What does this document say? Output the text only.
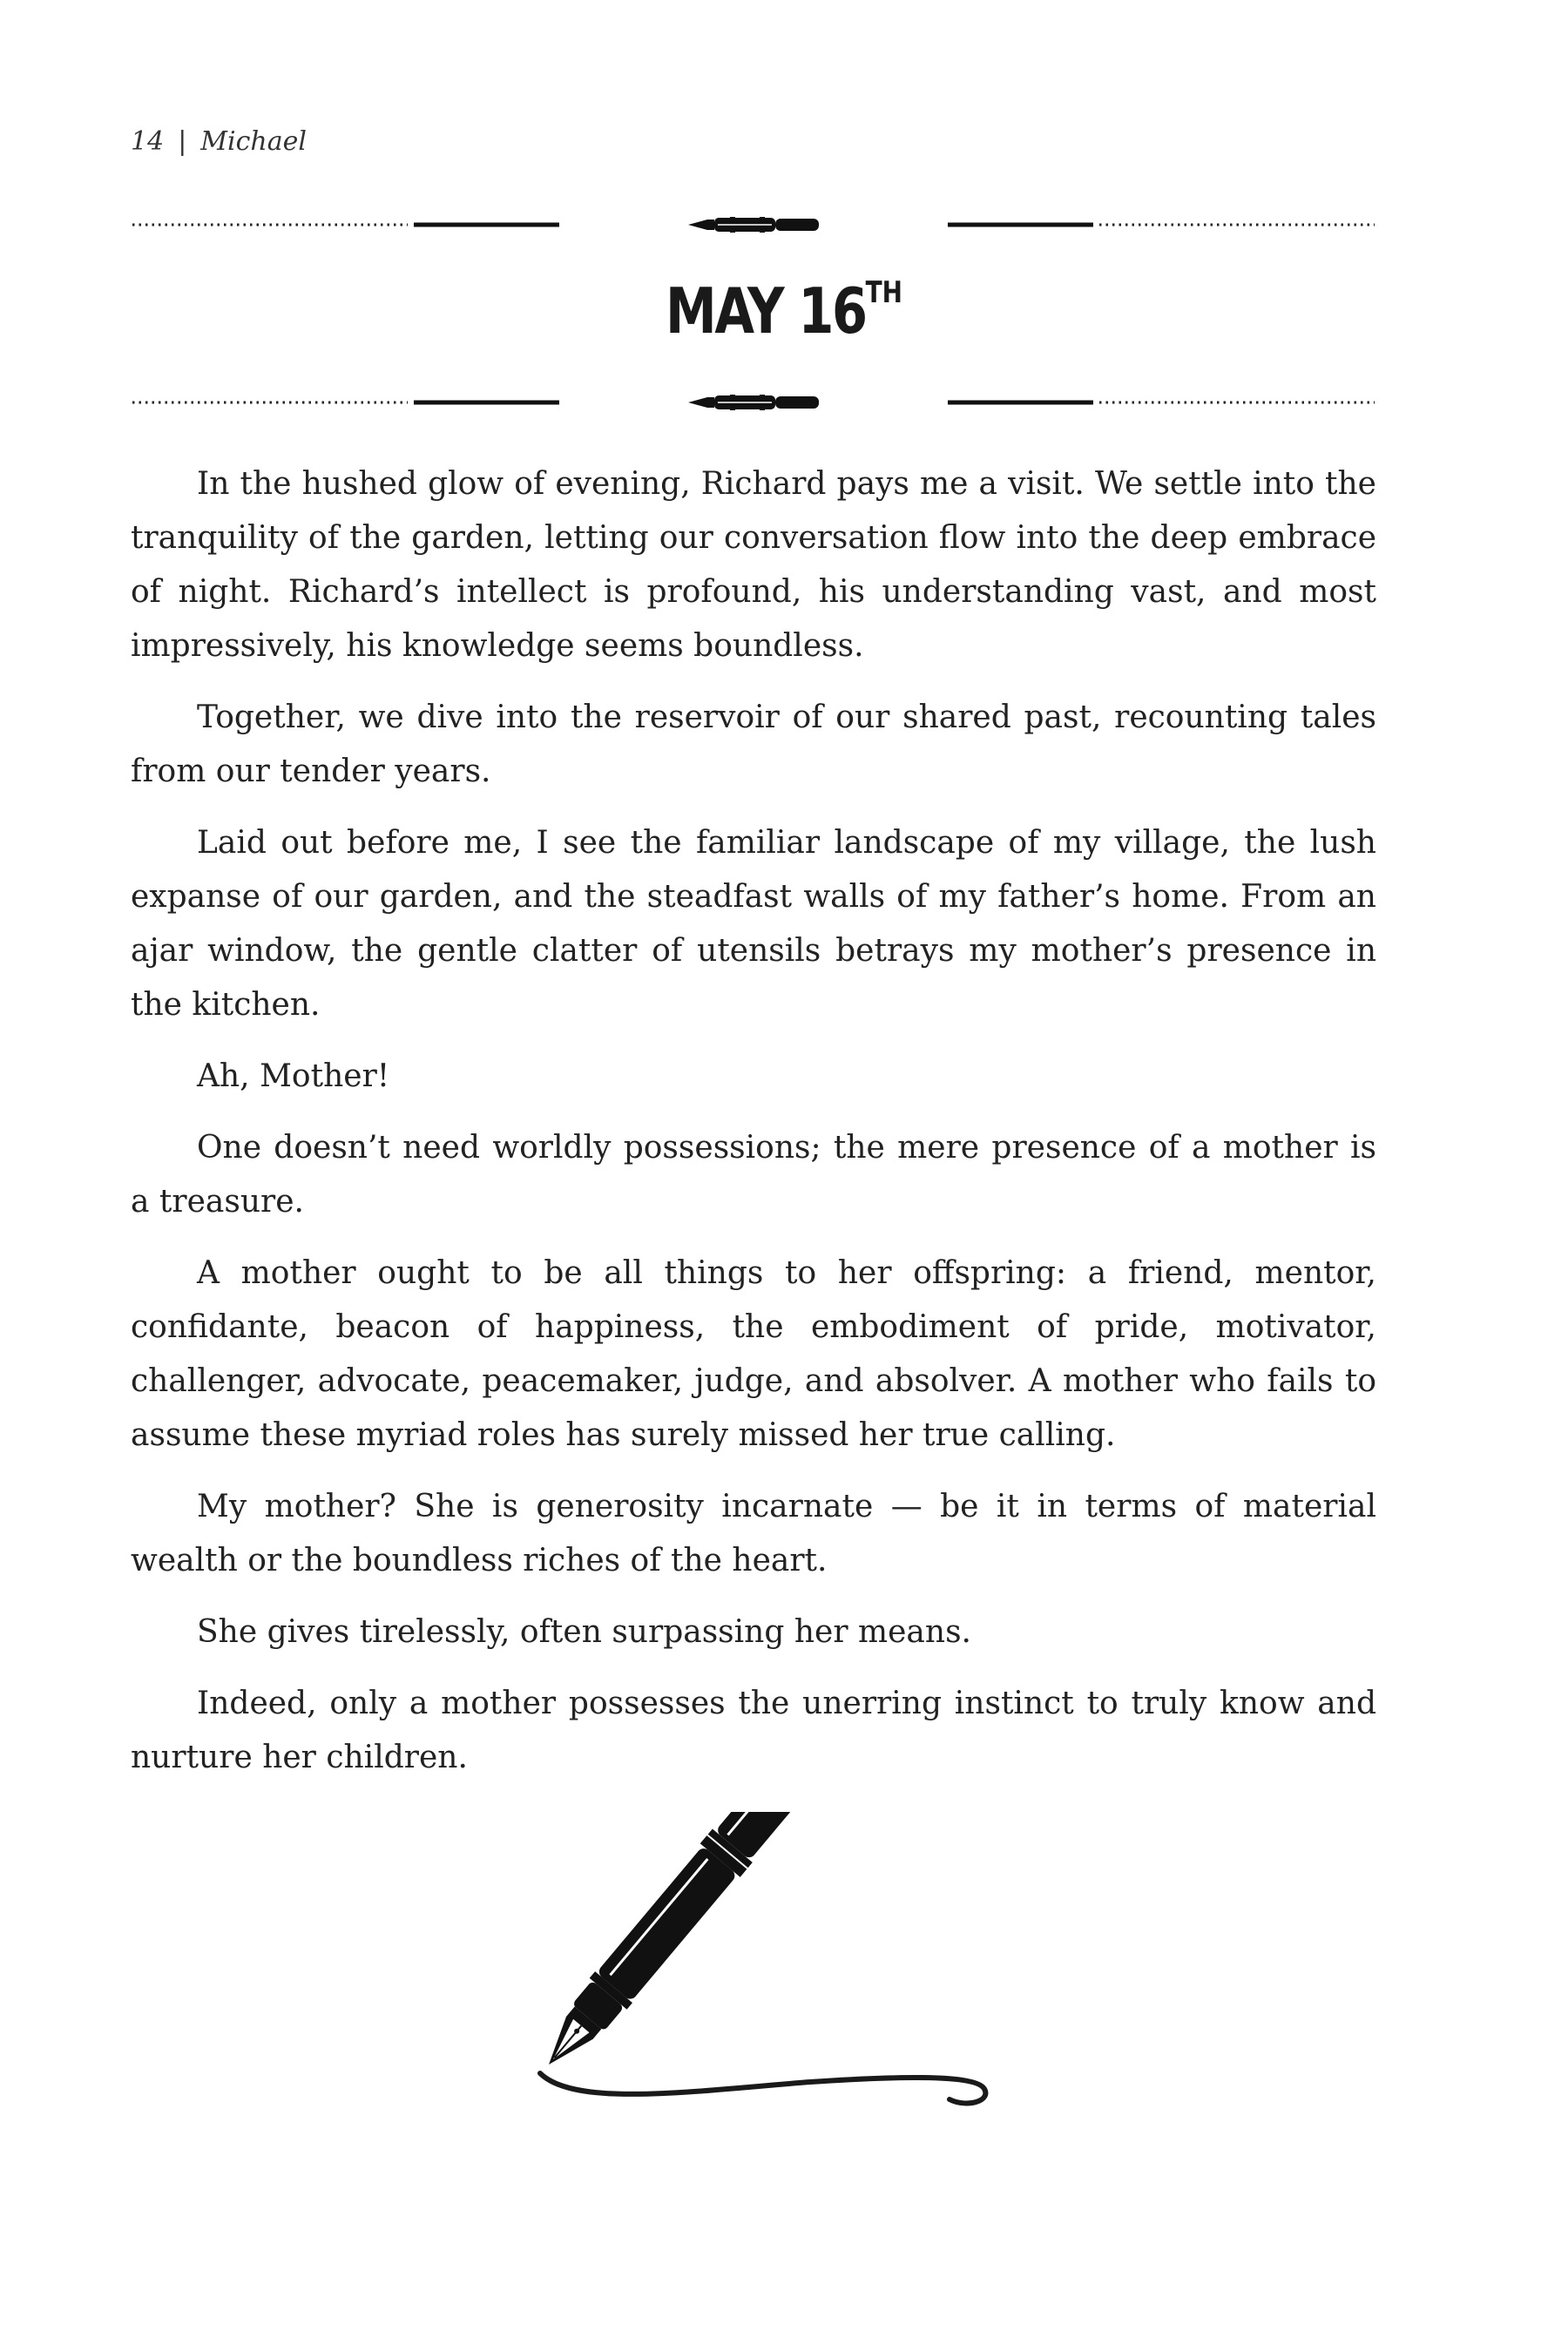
14 | Michael
MAY 16TH

In the hushed glow of evening, Richard pays me a visit. We settle into the tranquility of the garden, letting our conversation flow into the deep embrace of night. Richard’s intellect is profound, his understanding vast, and most impressively, his knowledge seems boundless.

Together, we dive into the reservoir of our shared past, recounting tales from our tender years.

Laid out before me, I see the familiar landscape of my village, the lush expanse of our garden, and the steadfast walls of my father’s home. From an ajar window, the gentle clatter of utensils betrays my mother’s presence in the kitchen.

Ah, Mother!

One doesn’t need worldly possessions; the mere presence of a mother is a treasure.

A mother ought to be all things to her offspring: a friend, mentor, confidante, beacon of happiness, the embodiment of pride, motivator, challenger, advocate, peacemaker, judge, and absolver. A mother who fails to assume these myriad roles has surely missed her true calling.

My mother? She is generosity incarnate — be it in terms of material wealth or the boundless riches of the heart.

She gives tirelessly, often surpassing her means.

Indeed, only a mother possesses the unerring instinct to truly know and nurture her children.
